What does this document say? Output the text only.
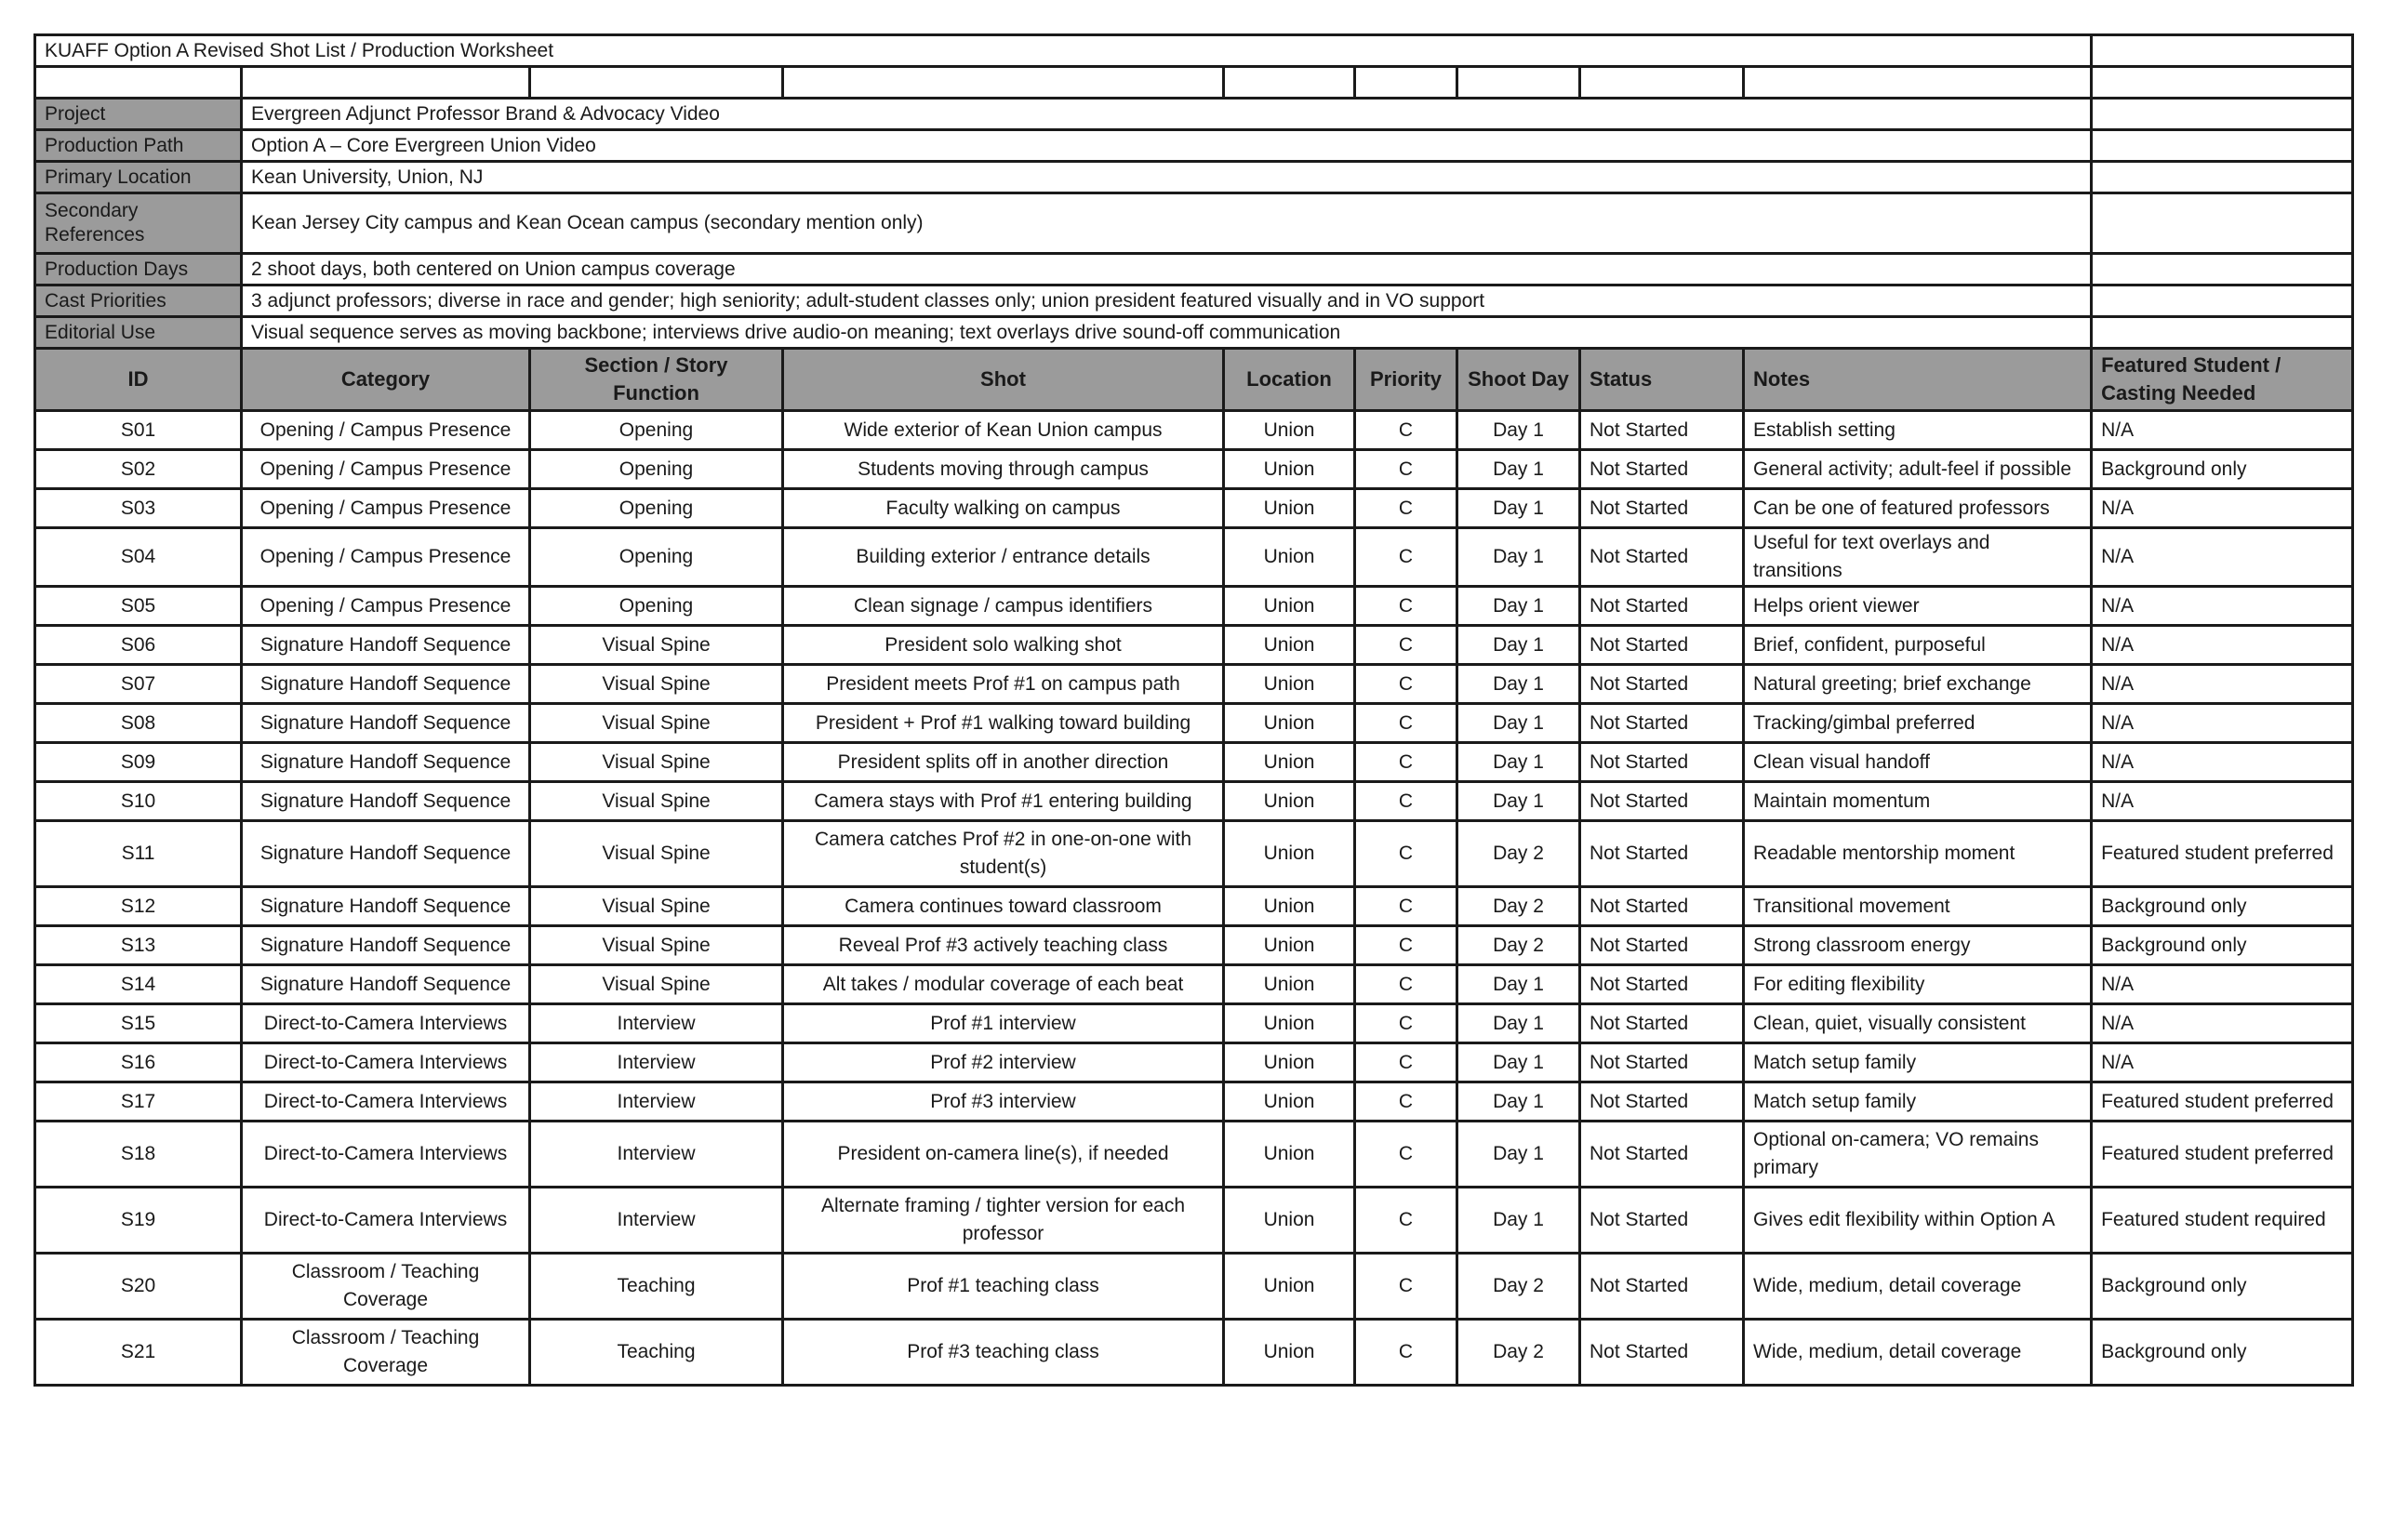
KUAFF Option A Revised Shot List / Production Worksheet									

Project	Evergreen Adjunct Professor Brand & Advocacy Video								
Production Path	Option A – Core Evergreen Union Video								
Primary Location	Kean University, Union, NJ								
Secondary References	Kean Jersey City campus and Kean Ocean campus (secondary mention only)								
Production Days	2 shoot days, both centered on Union campus coverage								
Cast Priorities	3 adjunct professors; diverse in race and gender; high seniority; adult-student classes only; union president featured visually and in VO support								
Editorial Use	Visual sequence serves as moving backbone; interviews drive audio-on meaning; text overlays drive sound-off communication								
ID	Category	Section / Story Function	Shot	Location	Priority	Shoot Day	Status	Notes	Featured Student / Casting Needed
S01	Opening / Campus Presence	Opening	Wide exterior of Kean Union campus	Union	C	Day 1	Not Started	Establish setting	N/A
S02	Opening / Campus Presence	Opening	Students moving through campus	Union	C	Day 1	Not Started	General activity; adult-feel if possible	Background only
S03	Opening / Campus Presence	Opening	Faculty walking on campus	Union	C	Day 1	Not Started	Can be one of featured professors	N/A
S04	Opening / Campus Presence	Opening	Building exterior / entrance details	Union	C	Day 1	Not Started	Useful for text overlays and transitions	N/A
S05	Opening / Campus Presence	Opening	Clean signage / campus identifiers	Union	C	Day 1	Not Started	Helps orient viewer	N/A
S06	Signature Handoff Sequence	Visual Spine	President solo walking shot	Union	C	Day 1	Not Started	Brief, confident, purposeful	N/A
S07	Signature Handoff Sequence	Visual Spine	President meets Prof #1 on campus path	Union	C	Day 1	Not Started	Natural greeting; brief exchange	N/A
S08	Signature Handoff Sequence	Visual Spine	President + Prof #1 walking toward building	Union	C	Day 1	Not Started	Tracking/gimbal preferred	N/A
S09	Signature Handoff Sequence	Visual Spine	President splits off in another direction	Union	C	Day 1	Not Started	Clean visual handoff	N/A
S10	Signature Handoff Sequence	Visual Spine	Camera stays with Prof #1 entering building	Union	C	Day 1	Not Started	Maintain momentum	N/A
S11	Signature Handoff Sequence	Visual Spine	Camera catches Prof #2 in one-on-one with student(s)	Union	C	Day 2	Not Started	Readable mentorship moment	Featured student preferred
S12	Signature Handoff Sequence	Visual Spine	Camera continues toward classroom	Union	C	Day 2	Not Started	Transitional movement	Background only
S13	Signature Handoff Sequence	Visual Spine	Reveal Prof #3 actively teaching class	Union	C	Day 2	Not Started	Strong classroom energy	Background only
S14	Signature Handoff Sequence	Visual Spine	Alt takes / modular coverage of each beat	Union	C	Day 1	Not Started	For editing flexibility	N/A
S15	Direct-to-Camera Interviews	Interview	Prof #1 interview	Union	C	Day 1	Not Started	Clean, quiet, visually consistent	N/A
S16	Direct-to-Camera Interviews	Interview	Prof #2 interview	Union	C	Day 1	Not Started	Match setup family	N/A
S17	Direct-to-Camera Interviews	Interview	Prof #3 interview	Union	C	Day 1	Not Started	Match setup family	Featured student preferred
S18	Direct-to-Camera Interviews	Interview	President on-camera line(s), if needed	Union	C	Day 1	Not Started	Optional on-camera; VO remains primary	Featured student preferred
S19	Direct-to-Camera Interviews	Interview	Alternate framing / tighter version for each professor	Union	C	Day 1	Not Started	Gives edit flexibility within Option A	Featured student required
S20	Classroom / Teaching Coverage	Teaching	Prof #1 teaching class	Union	C	Day 2	Not Started	Wide, medium, detail coverage	Background only
S21	Classroom / Teaching Coverage	Teaching	Prof #3 teaching class	Union	C	Day 2	Not Started	Wide, medium, detail coverage	Background only
